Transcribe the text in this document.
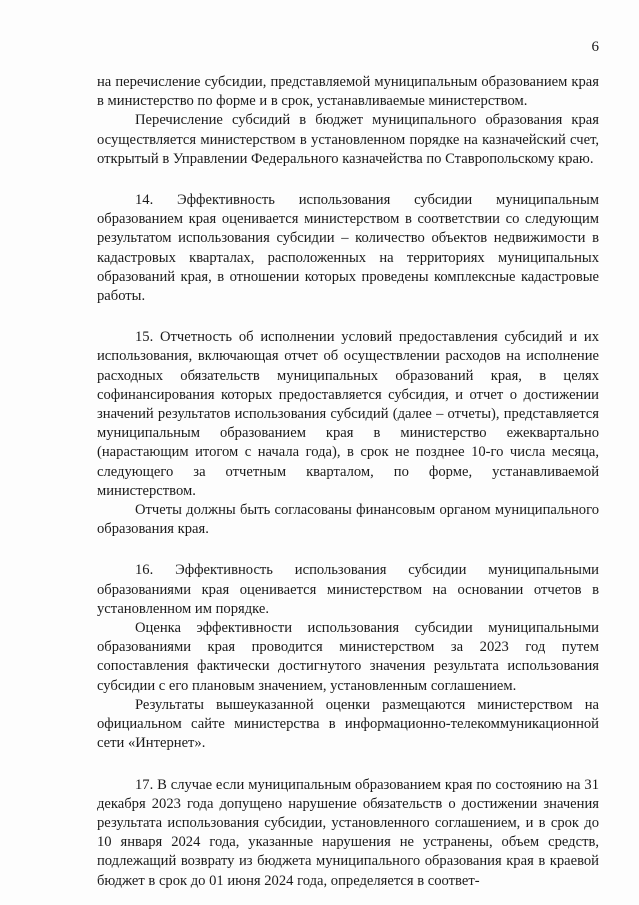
6

на перечисление субсидии, представляемой муниципальным образованием края в министерство по форме и в срок, устанавливаемые министерством.

Перечисление субсидий в бюджет муниципального образования края осуществляется министерством в установленном порядке на казначейский счет, открытый в Управлении Федерального казначейства по Ставропольскому краю.

14. Эффективность использования субсидии муниципальным образованием края оценивается министерством в соответствии со следующим результатом использования субсидии – количество объектов недвижимости в кадастровых кварталах, расположенных на территориях муниципальных образований края, в отношении которых проведены комплексные кадастровые работы.

15. Отчетность об исполнении условий предоставления субсидий и их использования, включающая отчет об осуществлении расходов на исполнение расходных обязательств муниципальных образований края, в целях софинансирования которых предоставляется субсидия, и отчет о достижении значений результатов использования субсидий (далее – отчеты), представляется муниципальным образованием края в министерство ежеквартально (нарастающим итогом с начала года), в срок не позднее 10-го числа месяца, следующего за отчетным кварталом, по форме, устанавливаемой министерством.

Отчеты должны быть согласованы финансовым органом муниципального образования края.

16. Эффективность использования субсидии муниципальными образованиями края оценивается министерством на основании отчетов в установленном им порядке.

Оценка эффективности использования субсидии муниципальными образованиями края проводится министерством за 2023 год путем сопоставления фактически достигнутого значения результата использования субсидии с его плановым значением, установленным соглашением.

Результаты вышеуказанной оценки размещаются министерством на официальном сайте министерства в информационно-телекоммуникационной сети «Интернет».

17. В случае если муниципальным образованием края по состоянию на 31 декабря 2023 года допущено нарушение обязательств о достижении значения результата использования субсидии, установленного соглашением, и в срок до 10 января 2024 года, указанные нарушения не устранены, объем средств, подлежащий возврату из бюджета муниципального образования края в краевой бюджет в срок до 01 июня 2024 года, определяется в соответ-
